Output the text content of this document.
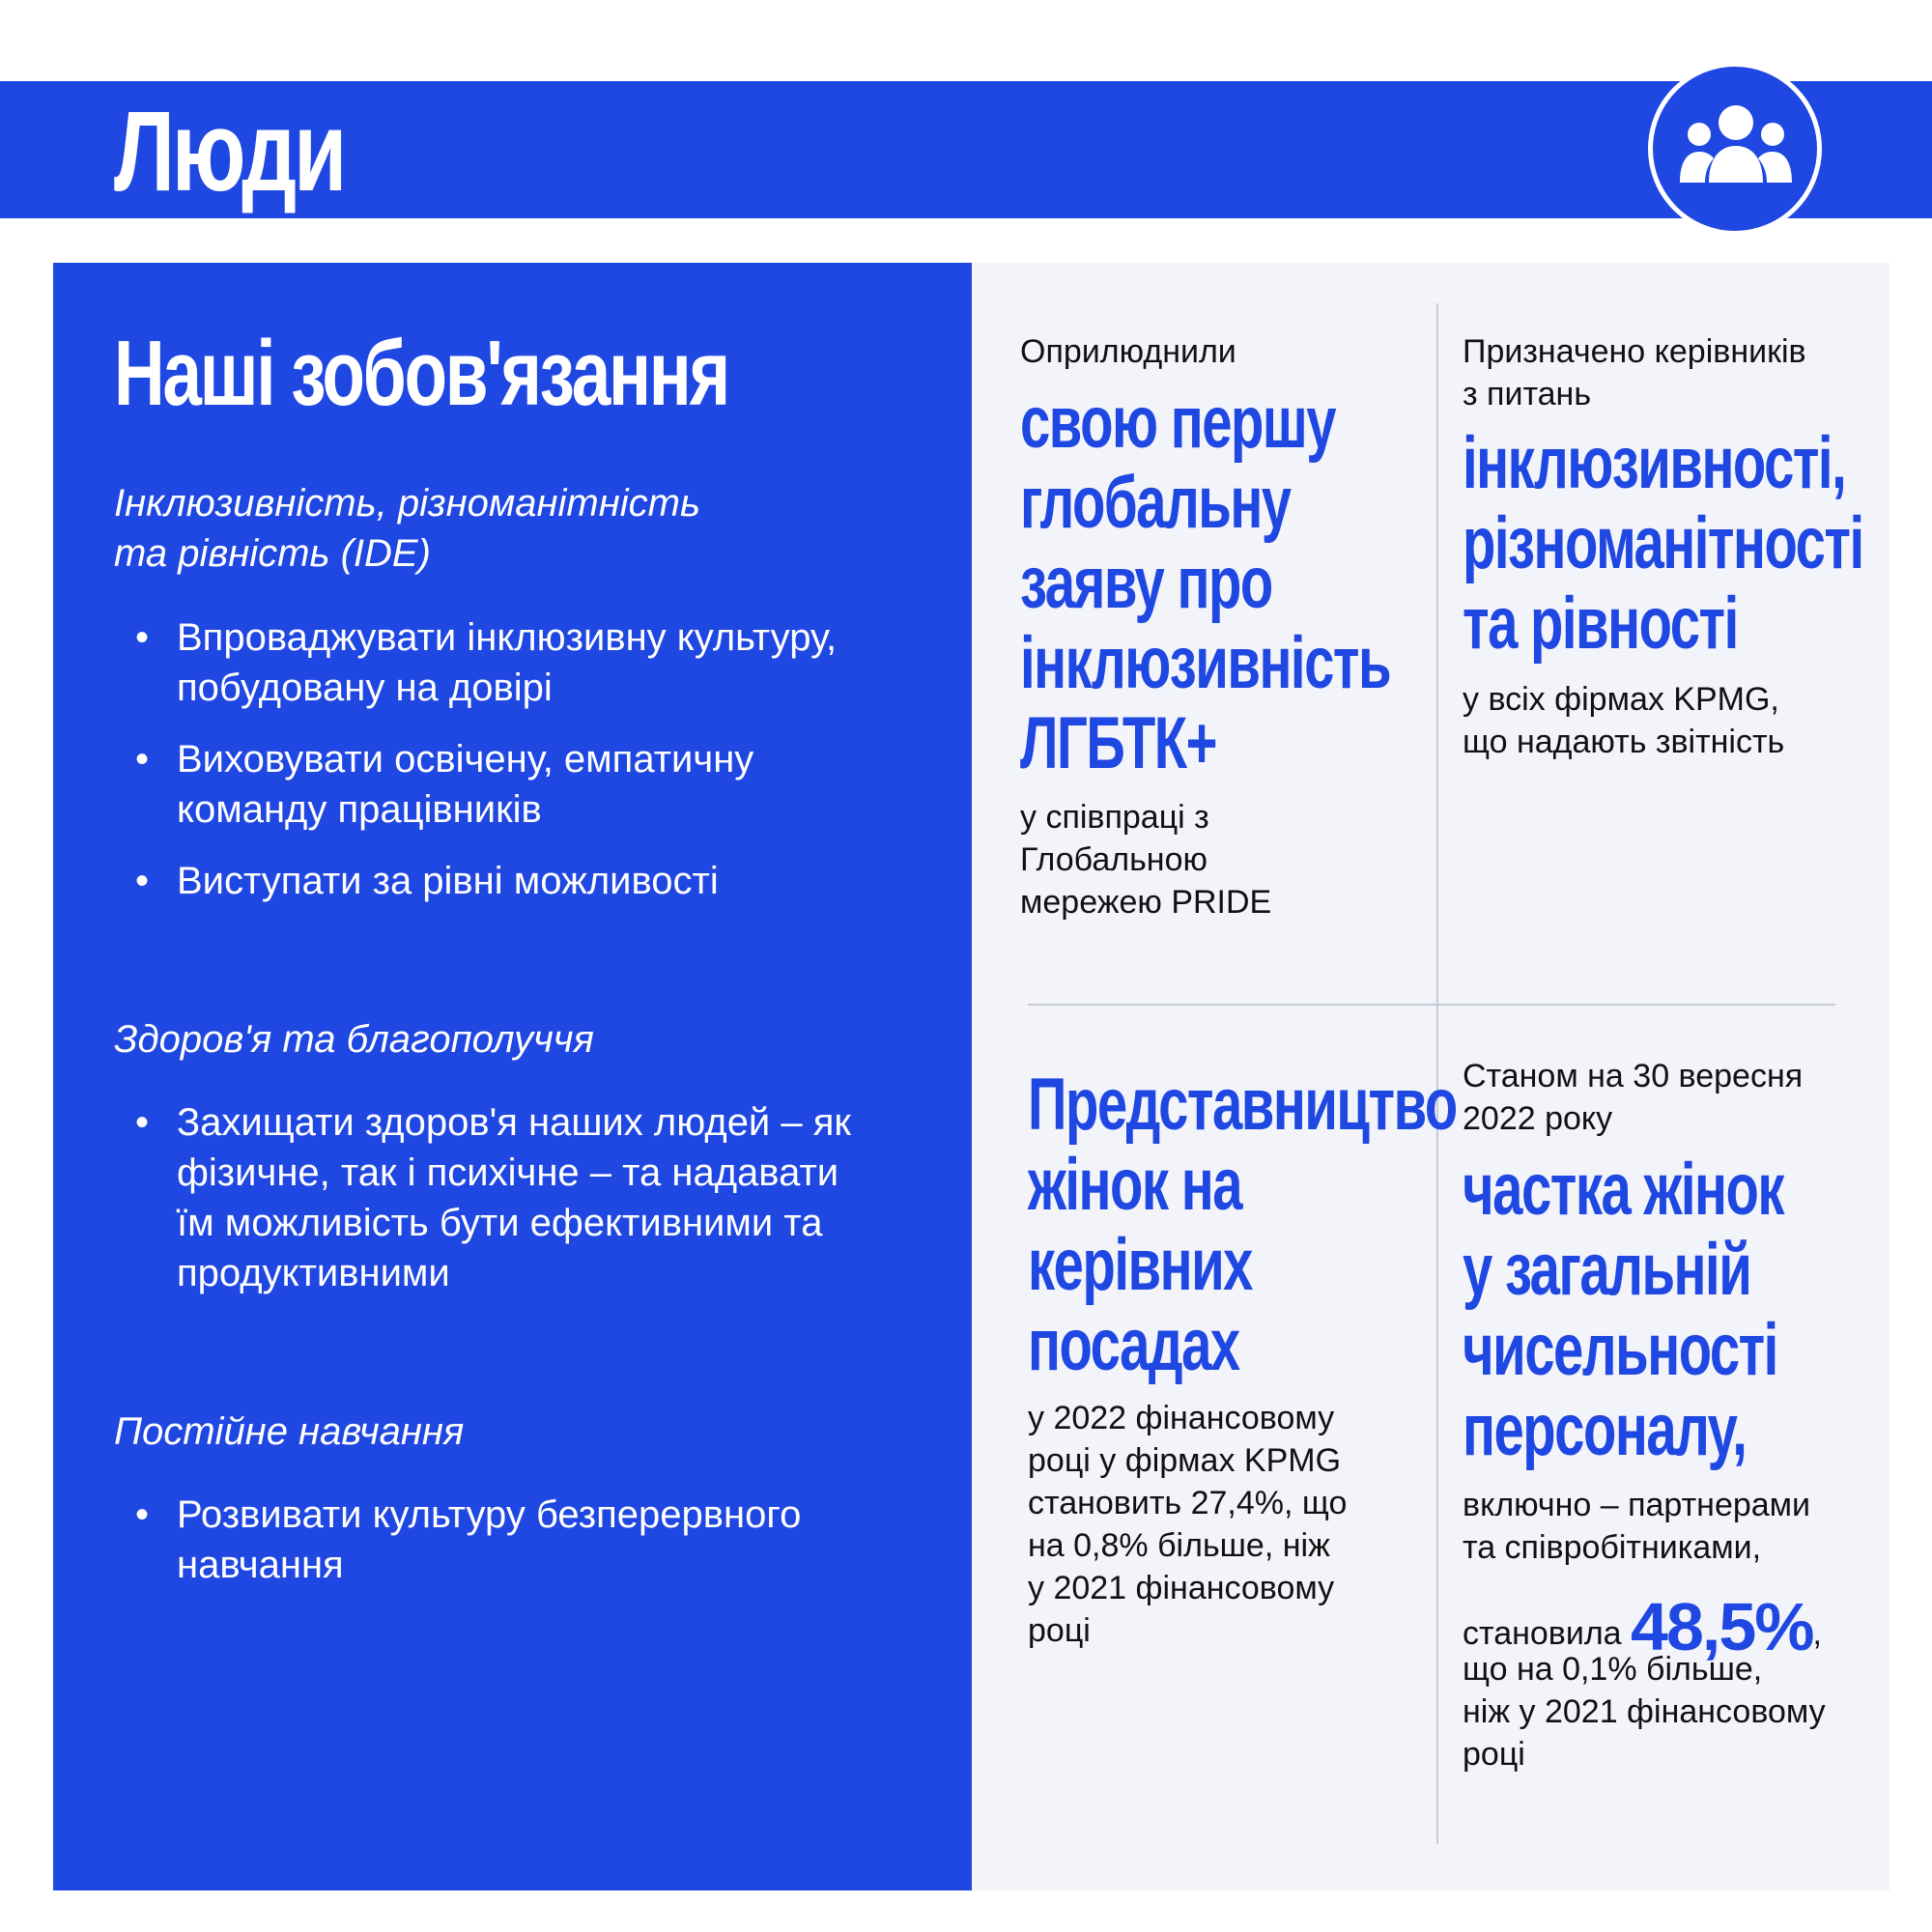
Люди
Наші зобов'язання
Інклюзивність, різноманітність
та рівність (IDE)
• Впроваджувати інклюзивну культуру, побудовану на довірі
• Виховувати освічену, емпатичну команду працівників
• Виступати за рівні можливості
Здоров'я та благополуччя
• Захищати здоров'я наших людей – як фізичне, так і психічне – та надавати їм можливість бути ефективними та продуктивними
Постійне навчання
• Розвивати культуру безперервного навчання

Оприлюднили

свою першу
глобальну
заяву про
інклюзивність
ЛГБТК+
у співпраці з
Глобальною
мережею PRIDE
Призначено керівників
з питань
інклюзивності,
різноманітності
та рівності
у всіх фірмах KPMG,
що надають звітність
Представництво
жінок на
керівних
посадах
у 2022 фінансовому
році у фірмах KPMG
становить 27,4%, що
на 0,8% більше, ніж
у 2021 фінансовому
році
Станом на 30 вересня
2022 року
частка жінок
у загальній
чисельності
персоналу,
включно – партнерами
та співробітниками,
становила 48,5%,
що на 0,1% більше,
ніж у 2021 фінансовому
році
